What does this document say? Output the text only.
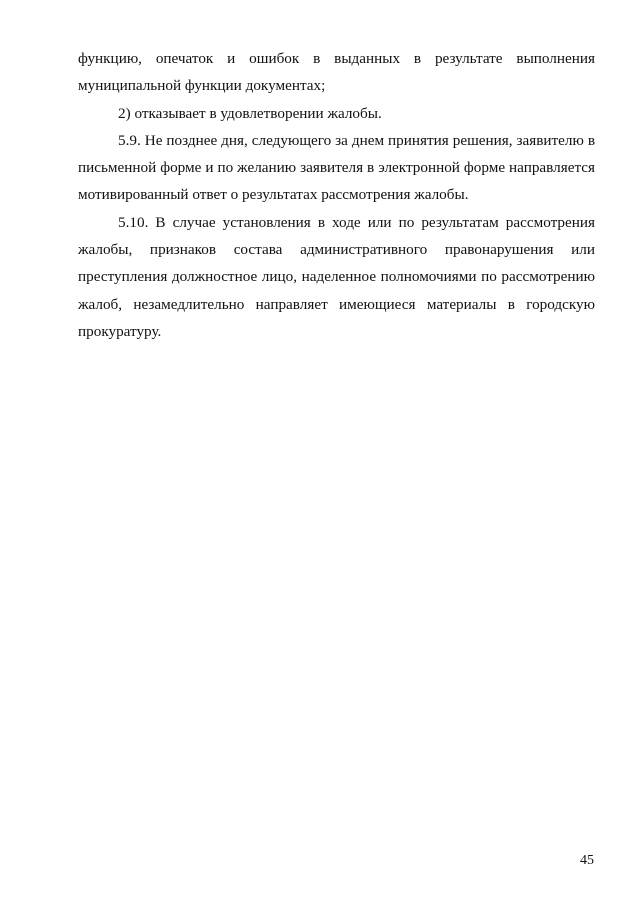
функцию, опечаток и ошибок в выданных в результате выполнения
муниципальной функции документах;
2) отказывает в удовлетворении жалобы.
5.9. Не позднее дня, следующего за днем принятия решения, заявителю в
письменной форме и по желанию заявителя в электронной форме направляется
мотивированный ответ о результатах рассмотрения жалобы.
5.10. В случае установления в ходе или по результатам рассмотрения
жалобы, признаков состава административного правонарушения или
преступления должностное лицо, наделенное полномочиями по рассмотрению
жалоб, незамедлительно направляет имеющиеся материалы в городскую
прокуратуру.
45
